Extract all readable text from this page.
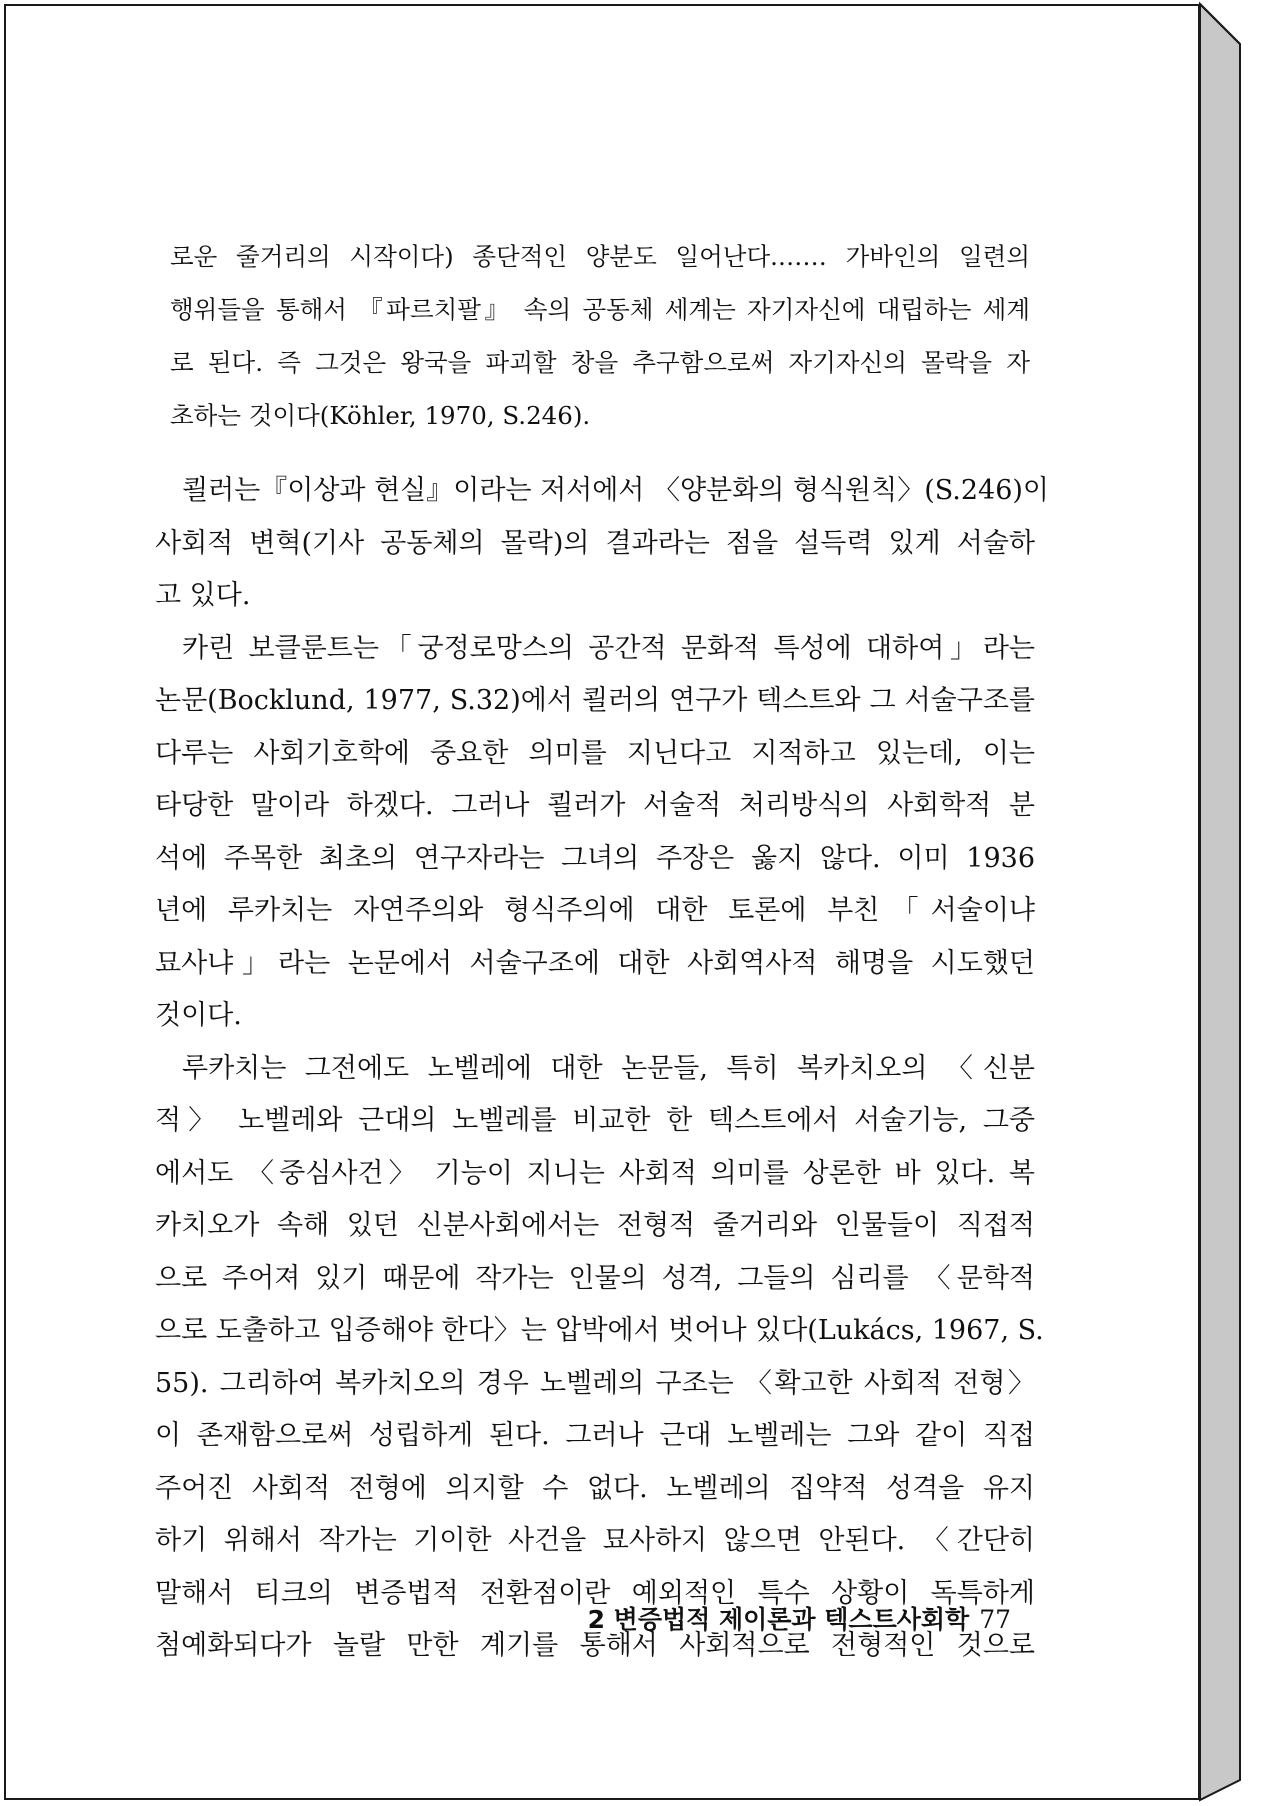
로운 줄거리의 시작이다) 종단적인 양분도 일어난다.…… 가바인의 일련의
행위들을 통해서 『파르치팔』 속의 공동체 세계는 자기자신에 대립하는 세계
로 된다. 즉 그것은 왕국을 파괴할 창을 추구함으로써 자기자신의 몰락을 자
초하는 것이다(Köhler, 1970, S.246).
쾰러는『이상과 현실』이라는 저서에서 〈양분화의 형식원칙〉(S.246)이
사회적 변혁(기사 공동체의 몰락)의 결과라는 점을 설득력 있게 서술하
고 있다.
카린 보클룬트는「궁정로망스의 공간적 문화적 특성에 대하여」라는
논문(Bocklund, 1977, S.32)에서 쾰러의 연구가 텍스트와 그 서술구조를
다루는 사회기호학에 중요한 의미를 지닌다고 지적하고 있는데, 이는
타당한 말이라 하겠다. 그러나 쾰러가 서술적 처리방식의 사회학적 분
석에 주목한 최초의 연구자라는 그녀의 주장은 옳지 않다. 이미 1936
년에 루카치는 자연주의와 형식주의에 대한 토론에 부친「서술이냐
묘사냐」라는 논문에서 서술구조에 대한 사회역사적 해명을 시도했던
것이다.
루카치는 그전에도 노벨레에 대한 논문들, 특히 복카치오의 〈신분
적〉 노벨레와 근대의 노벨레를 비교한 한 텍스트에서 서술기능, 그중
에서도 〈중심사건〉 기능이 지니는 사회적 의미를 상론한 바 있다. 복
카치오가 속해 있던 신분사회에서는 전형적 줄거리와 인물들이 직접적
으로 주어져 있기 때문에 작가는 인물의 성격, 그들의 심리를 〈문학적
으로 도출하고 입증해야 한다〉는 압박에서 벗어나 있다(Lukács, 1967, S.
55). 그리하여 복카치오의 경우 노벨레의 구조는 〈확고한 사회적 전형〉
이 존재함으로써 성립하게 된다. 그러나 근대 노벨레는 그와 같이 직접
주어진 사회적 전형에 의지할 수 없다. 노벨레의 집약적 성격을 유지
하기 위해서 작가는 기이한 사건을 묘사하지 않으면 안된다. 〈간단히
말해서 티크의 변증법적 전환점이란 예외적인 특수 상황이 독특하게
첨예화되다가 놀랄 만한 계기를 통해서 사회적으로 전형적인 것으로
2 변증법적 제이론과 텍스트사회학 77
